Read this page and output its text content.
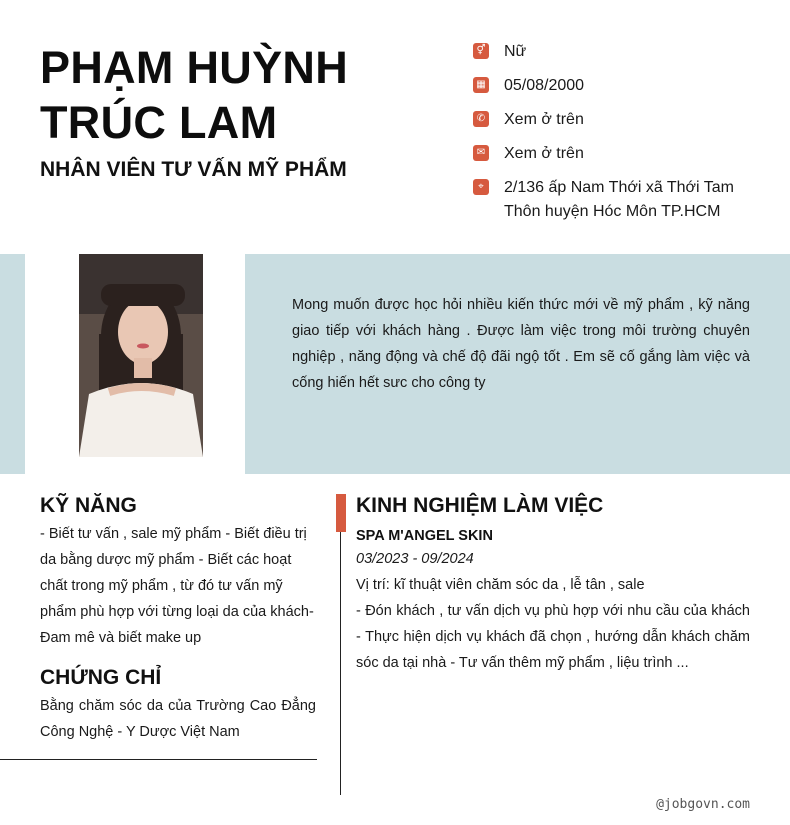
PHẠM HUỲNH
TRÚC LAM
NHÂN VIÊN TƯ VẤN MỸ PHẨM
⚥ Nữ
▦ 05/08/2000
✆ Xem ở trên
✉ Xem ở trên
⌖	2/136 ấp Nam Thới xã Thới Tam Thôn huyện Hóc Môn TP.HCM

Mong muốn được học hỏi nhiều kiến thức mới về mỹ phẩm , kỹ năng giao tiếp với khách hàng . Được làm việc trong môi trường chuyên nghiệp , năng động và chế độ đãi ngộ tốt . Em sẽ cố gắng làm việc và cống hiến hết sưc cho công ty

KỸ NĂNG

- Biết tư vấn , sale mỹ phẩm - Biết điều trị da bằng dược mỹ phẩm - Biết các hoạt chất trong mỹ phẩm , từ đó tư vấn mỹ phẩm phù hợp với từng loại da của khách- Đam mê và biết make up

CHỨNG CHỈ

Bằng chăm sóc da của Trường Cao Đẳng Công Nghệ - Y Dược Việt Nam

KINH NGHIỆM LÀM VIỆC

SPA M'ANGEL SKIN

03/2023 - 09/2024

Vị trí: kĩ thuật viên chăm sóc da , lễ tân , sale

- Đón khách , tư vấn dịch vụ phù hợp với nhu cầu của khách - Thực hiện dịch vụ khách đã chọn , hướng dẫn khách chăm sóc da tại nhà - Tư vấn thêm mỹ phẩm , liệu trình ...

@jobgovn.com
